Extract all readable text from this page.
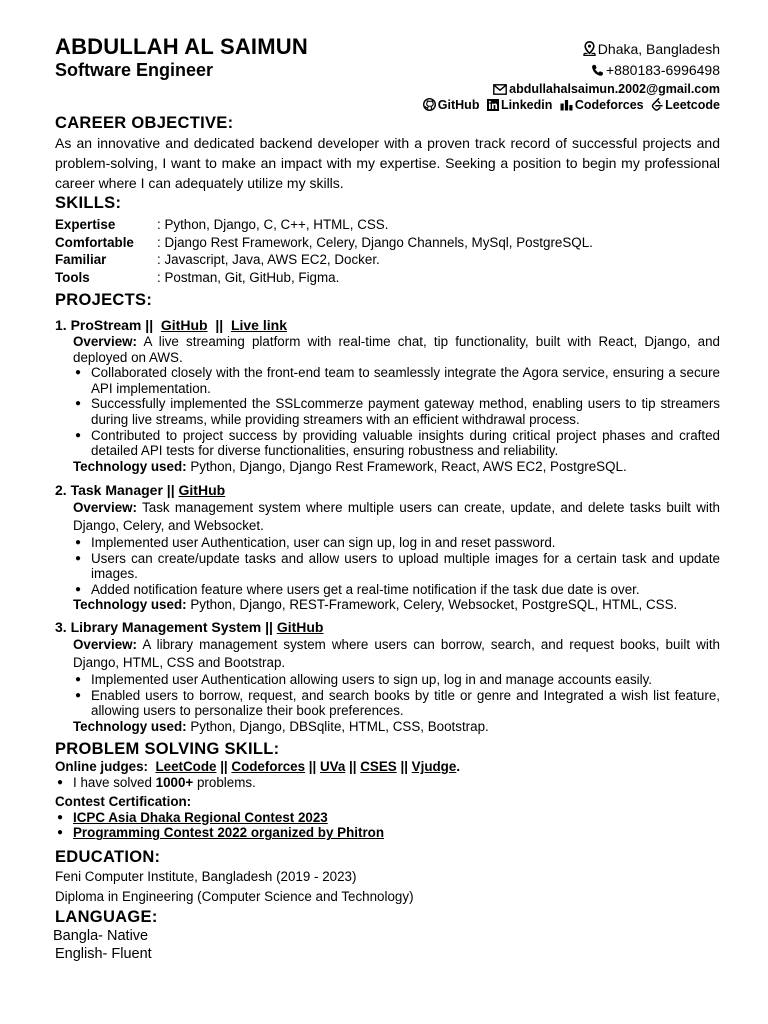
ABDULLAH AL SAIMUN
Software Engineer
Dhaka, Bangladesh
+880183-6996498
abdullahalsaimun.2002@gmail.com
GitHub Linkedin Codeforces Leetcode
CAREER OBJECTIVE:

As an innovative and dedicated backend developer with a proven track record of successful projects and problem-solving, I want to make an impact with my expertise. Seeking a position to begin my professional career where I can adequately utilize my skills.

SKILLS:
Expertise	: Python, Django, C, C++, HTML, CSS.
Comfortable	: Django Rest Framework, Celery, Django Channels, MySql, PostgreSQL.
Familiar	: Javascript, Java, AWS EC2, Docker.
Tools	: Postman, Git, GitHub, Figma.
PROJECTS:
1. ProStream || GitHub || Live link

Overview: A live streaming platform with real-time chat, tip functionality, built with React, Django, and deployed on AWS.

● Collaborated closely with the front-end team to seamlessly integrate the Agora service, ensuring a secure API implementation.
● Successfully implemented the SSLcommerze payment gateway method, enabling users to tip streamers during live streams, while providing streamers with an efficient withdrawal process.
● Contributed to project success by providing valuable insights during critical project phases and crafted detailed API tests for diverse functionalities, ensuring robustness and reliability.

Technology used: Python, Django, Django Rest Framework, React, AWS EC2, PostgreSQL.

2. Task Manager || GitHub

Overview: Task management system where multiple users can create, update, and delete tasks built with Django, Celery, and Websocket.

● Implemented user Authentication, user can sign up, log in and reset password.
● Users can create/update tasks and allow users to upload multiple images for a certain task and update images.
● Added notification feature where users get a real-time notification if the task due date is over.

Technology used: Python, Django, REST-Framework, Celery, Websocket, PostgreSQL, HTML, CSS.

3. Library Management System || GitHub

Overview: A library management system where users can borrow, search, and request books, built with Django, HTML, CSS and Bootstrap.

● Implemented user Authentication allowing users to sign up, log in and manage accounts easily.
● Enabled users to borrow, request, and search books by title or genre and Integrated a wish list feature, allowing users to personalize their book preferences.

Technology used: Python, Django, DBSqlite, HTML, CSS, Bootstrap.

PROBLEM SOLVING SKILL:
Online judges: LeetCode || Codeforces || UVa || CSES || Vjudge.
● I have solved 1000+ problems.
Contest Certification:
● ICPC Asia Dhaka Regional Contest 2023
● Programming Contest 2022 organized by Phitron
EDUCATION:

Feni Computer Institute, Bangladesh (2019 - 2023)

Diploma in Engineering (Computer Science and Technology)

LANGUAGE:

Bangla- Native

English- Fluent
